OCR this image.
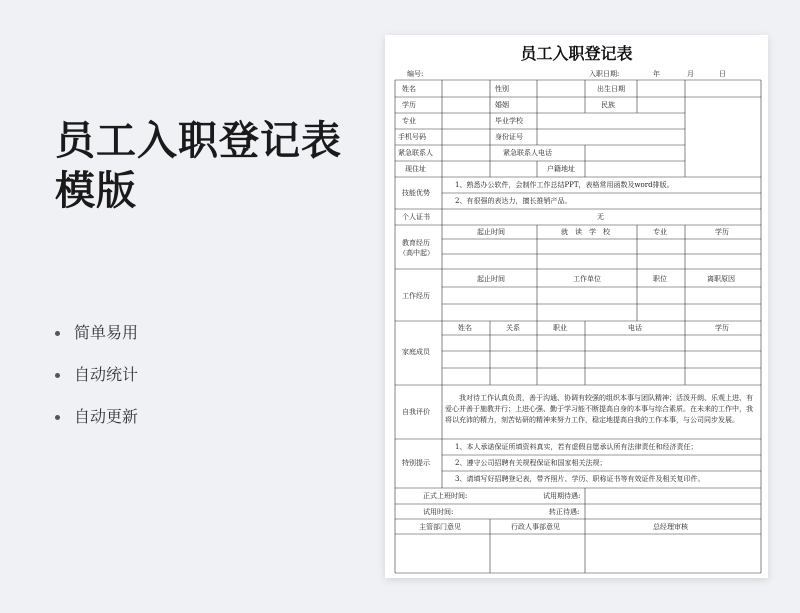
员工入职登记表
模版
简单易用
自动统计
自动更新
员工入职登记表
编号:	入职日期:	年	月	日
姓名	性别	出生日期
学历	婚姻	民族
专业	毕业学校
手机号码	身份证号
紧急联系人	紧急联系人电话
现住址	户籍地址
技能优势
1、熟悉办公软件，会制作工作总结PPT，表格常用函数及word排版。
2、有很强的表达力，擅长推销产品。
个人证书	无
教育经历
（高中起）
起止时间	就　读　学　校	专业	学历
工作经历
起止时间	工作单位	职位	离职原因
家庭成员
姓名	关系	职业	电话	学历
自我评价
我对待工作认真负责，善于沟通、协调有较强的组织本事与团队精神；活泼开朗、乐观上进、有爱心并善于施教并行；上进心强、勤于学习能不断提高自身的本事与综合素质。在未来的工作中，我将以充沛的精力，刻苦钻研的精神来努力工作，稳定地提高自我的工作本事，与公司同步发展。
特别提示
1、本人承诺保证所填资料真实，若有虚假自愿承认所有法律责任和经济责任；
2、遵守公司招聘有关规程保证和国家相关法规；
3、请填写好招聘登记表，带齐照片、学历、职称证书等有效证件及相关复印件。
正式上班时间:	试用期待遇:
试用时间:	转正待遇:
主管部门意见	行政人事部意见	总经理审核
